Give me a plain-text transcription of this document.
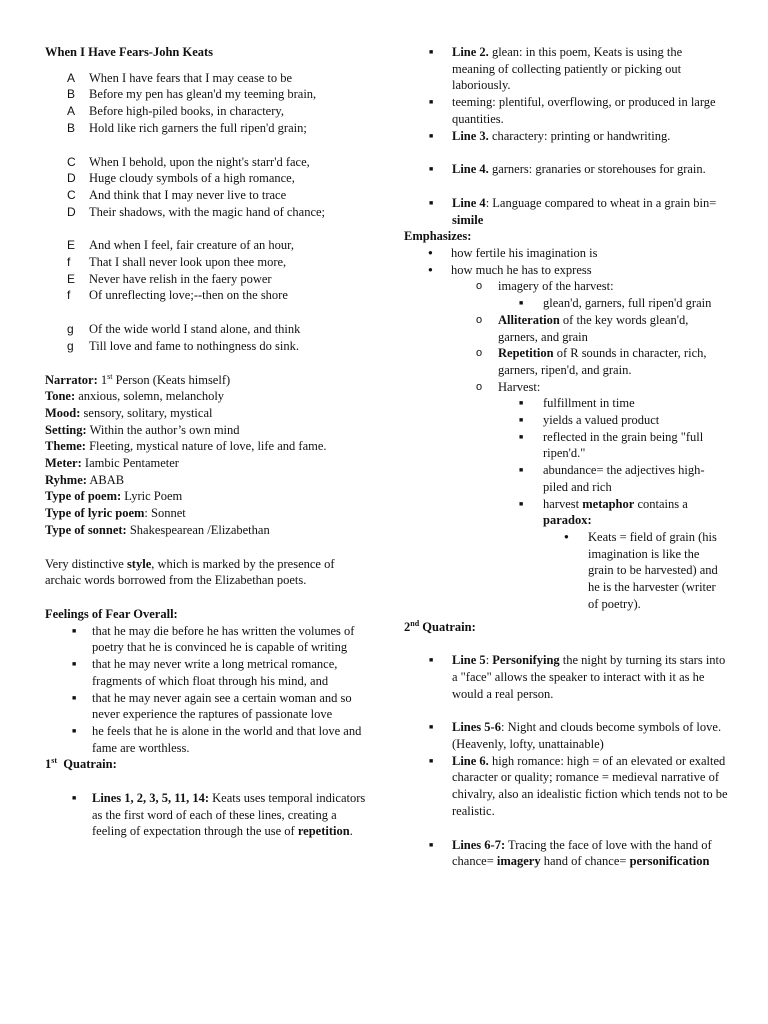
When I Have Fears-John Keats

A	When I have fears that I may cease to be
B	Before my pen has glean'd my teeming brain,
A	Before high-piled books, in charactery,
B	Hold like rich garners the full ripen'd grain;
C	When I behold, upon the night's starr'd face,
D	Huge cloudy symbols of a high romance,
C	And think that I may never live to trace
D	Their shadows, with the magic hand of chance;
E	And when I feel, fair creature of an hour,
f	That I shall never look upon thee more,
E	Never have relish in the faery power
f	Of unreflecting love;--then on the shore
g	Of the wide world I stand alone, and think
g	Till love and fame to nothingness do sink.

Narrator: 1st Person (Keats himself)

Tone: anxious, solemn, melancholy

Mood: sensory, solitary, mystical

Setting: Within the author’s own mind

Theme: Fleeting, mystical nature of love, life and fame.

Meter: Iambic Pentameter

Ryhme: ABAB

Type of poem: Lyric Poem

Type of lyric poem: Sonnet

Type of sonnet: Shakespearean /Elizabethan

Very distinctive style, which is marked by the presence of archaic words borrowed from the Elizabethan poets.

Feelings of Fear Overall:

■ that he may die before he has written the volumes of poetry that he is convinced he is capable of writing
■ that he may never write a long metrical romance, fragments of which float through his mind, and
■ that he may never again see a certain woman and so never experience the raptures of passionate love
■ he feels that he is alone in the world and that love and fame are worthless.

1st  Quatrain:

■ Lines 1, 2, 3, 5, 11, 14: Keats uses temporal indicators as the first word of each of these lines, creating a feeling of expectation through the use of repetition.
■ Line 2. glean: in this poem, Keats is using the meaning of collecting patiently or picking out laboriously.
■ teeming: plentiful, overflowing, or produced in large quantities.
■ Line 3. charactery: printing or handwriting.
■ Line 4. garners: granaries or storehouses for grain.
■ Line 4: Language compared to wheat in a grain bin= simile

Emphasizes:

● how fertile his imagination is
● how much he has to express
o imagery of the harvest:
■ glean'd, garners, full ripen'd grain
o Alliteration of the key words glean'd, garners, and grain
o Repetition of R sounds in character, rich, garners, ripen'd, and grain.
o Harvest:
■ fulfillment in time
■ yields a valued product
■ reflected in the grain being "full ripen'd."
■ abundance= the adjectives high-piled and rich
■ harvest metaphor contains a paradox:
● Keats = field of grain (his imagination is like the grain to be harvested) and he is the harvester (writer of poetry).

2nd Quatrain:

■ Line 5: Personifying the night by turning its stars into a "face" allows the speaker to interact with it as he would a real person.
■ Lines 5-6: Night and clouds become symbols of love. (Heavenly, lofty, unattainable)
■ Line 6. high romance: high = of an elevated or exalted character or quality; romance = medieval narrative of chivalry, also an idealistic fiction which tends not to be realistic.
■ Lines 6-7: Tracing the face of love with the hand of chance= imagery hand of chance= personification
